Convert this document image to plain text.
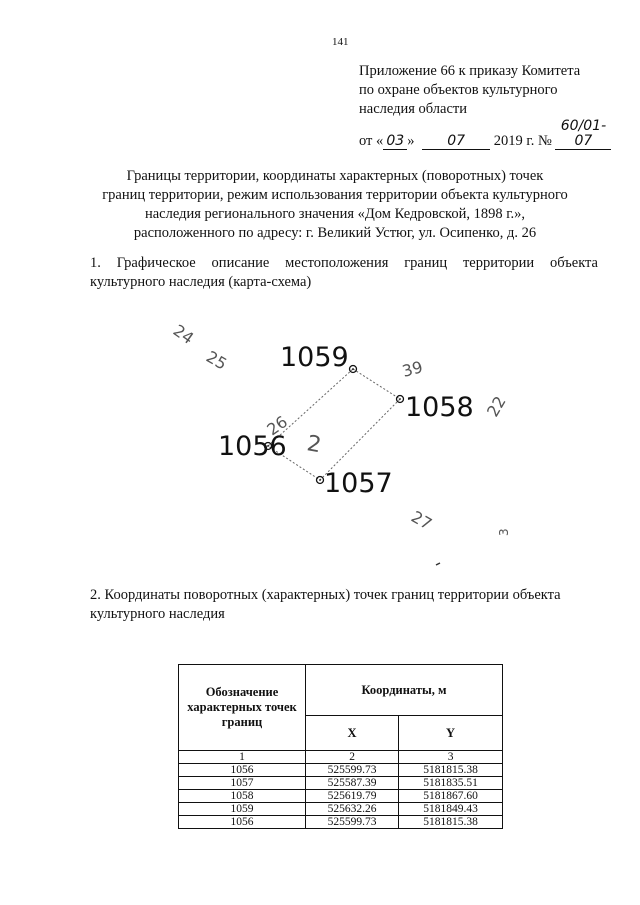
141
Приложение 66 к приказу Комитета
по охране объектов культурного
наследия области
от « 03 » 07 2019 г. № 60/01-07
Границы территории, координаты характерных (поворотных) точек
границ территории, режим использования территории объекта культурного
наследия регионального значения «Дом Кедровской, 1898 г.»,
расположенного по адресу: г. Великий Устюг, ул. Осипенко, д. 26
1. Графическое описание местоположения границ территории объекта
культурного наследия (карта-схема)
1059
1058
1056
1057
24
25	39
22
26
2
27	3
2. Координаты поворотных (характерных) точек границ территории объекта
культурного наследия
Обозначение характерных точек границ	Координаты, м	
	X	Y
1	2	3
1056	525599.73	5181815.38
1057	525587.39	5181835.51
1058	525619.79	5181867.60
1059	525632.26	5181849.43
1056	525599.73	5181815.38
